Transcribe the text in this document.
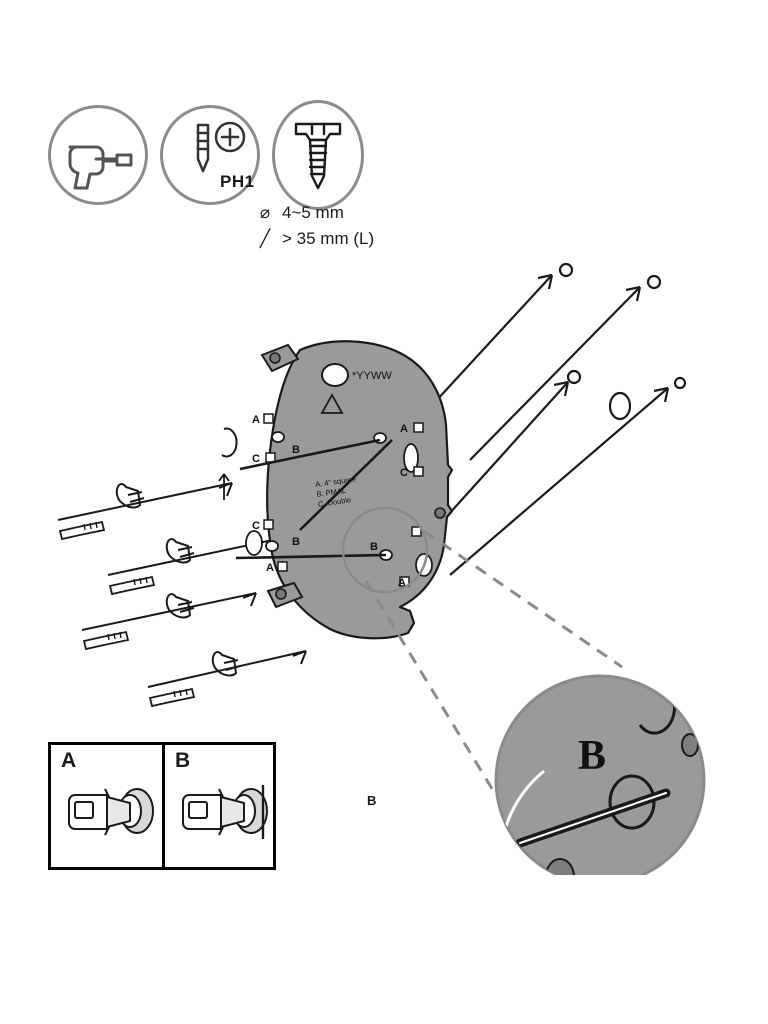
PH1
⌀ 4~5 mm
╱ > 35 mm (L)
*YYWW
A. 4" square
B. PMAL
C. Double
A
C
B
A
C
C
B
A
B
A
B
B
A	B
